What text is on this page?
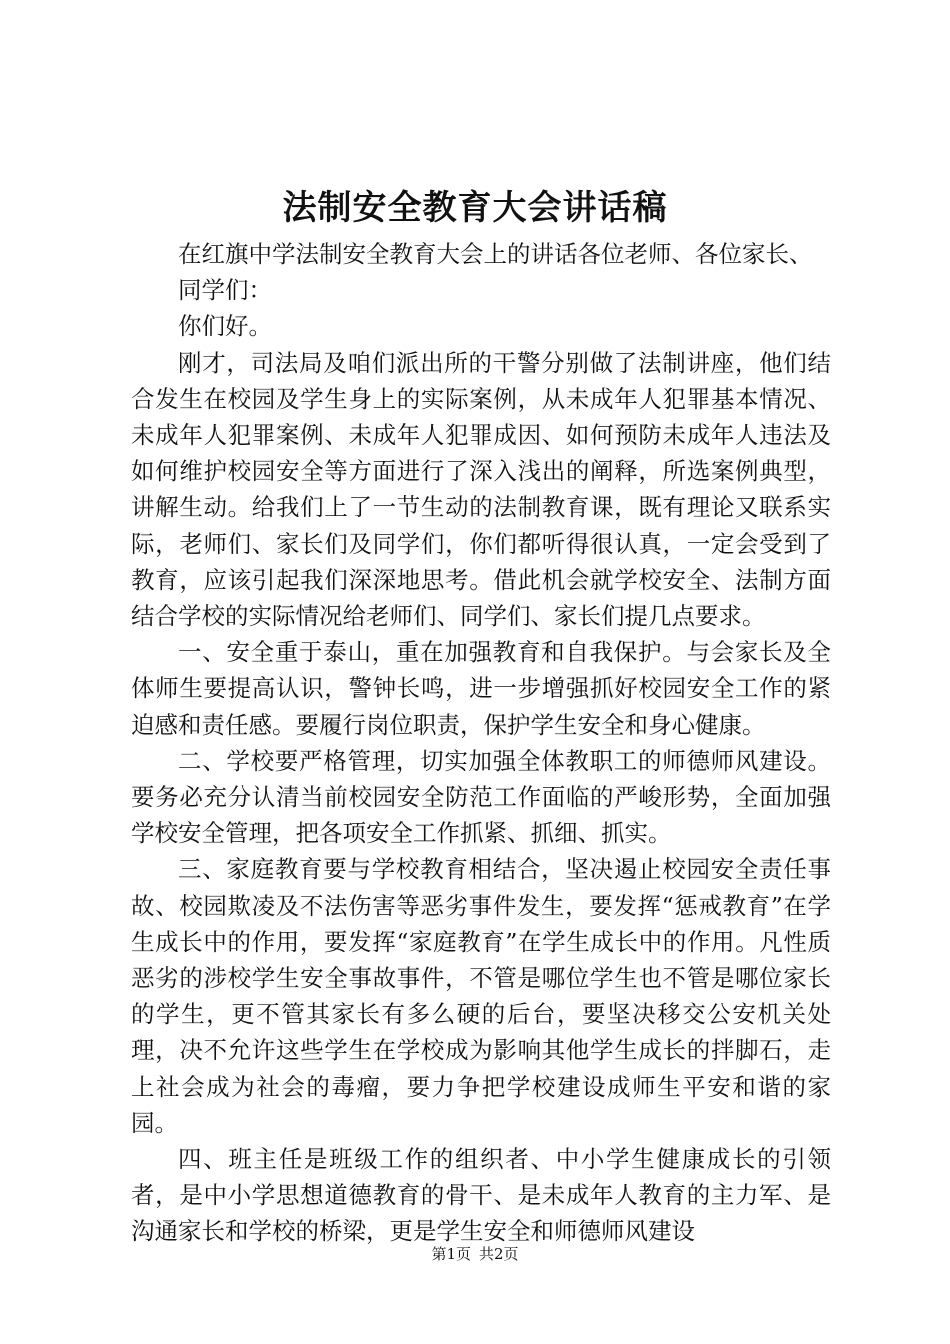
法制安全教育大会讲话稿

在红旗中学法制安全教育大会上的讲话各位老师、各位家长、

同学们：

你们好。

刚才，司法局及咱们派出所的干警分别做了法制讲座，他们结合发生在校园及学生身上的实际案例，从未成年人犯罪基本情况、未成年人犯罪案例、未成年人犯罪成因、如何预防未成年人违法及如何维护校园安全等方面进行了深入浅出的阐释，所选案例典型，讲解生动。给我们上了一节生动的法制教育课，既有理论又联系实际，老师们、家长们及同学们，你们都听得很认真，一定会受到了教育，应该引起我们深深地思考。借此机会就学校安全、法制方面结合学校的实际情况给老师们、同学们、家长们提几点要求。

一、安全重于泰山，重在加强教育和自我保护。与会家长及全体师生要提高认识，警钟长鸣，进一步增强抓好校园安全工作的紧迫感和责任感。要履行岗位职责，保护学生安全和身心健康。

二、学校要严格管理，切实加强全体教职工的师德师风建设。要务必充分认清当前校园安全防范工作面临的严峻形势，全面加强学校安全管理，把各项安全工作抓紧、抓细、抓实。

三、家庭教育要与学校教育相结合，坚决遏止校园安全责任事故、校园欺凌及不法伤害等恶劣事件发生，要发挥“惩戒教育”在学生成长中的作用，要发挥“家庭教育”在学生成长中的作用。凡性质恶劣的涉校学生安全事故事件，不管是哪位学生也不管是哪位家长的学生，更不管其家长有多么硬的后台，要坚决移交公安机关处理，决不允许这些学生在学校成为影响其他学生成长的拌脚石，走上社会成为社会的毒瘤，要力争把学校建设成师生平安和谐的家园。

四、班主任是班级工作的组织者、中小学生健康成长的引领者，是中小学思想道德教育的骨干、是未成年人教育的主力军、是沟通家长和学校的桥梁，更是学生安全和师德师风建设

第1页 共2页
